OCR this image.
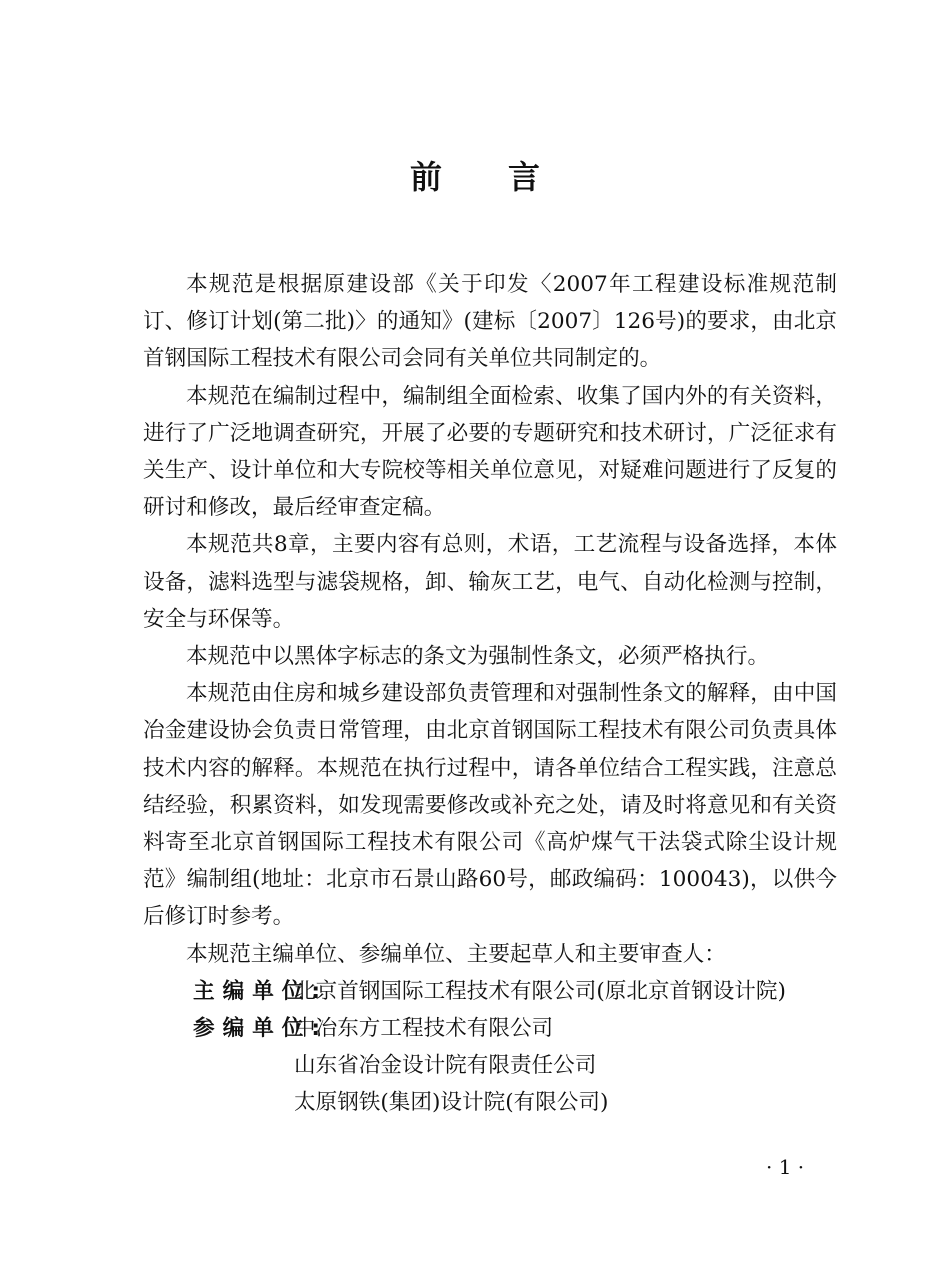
前 言

本规范是根据原建设部《关于印发〈2007年工程建设标准规范制订、修订计划(第二批)〉的通知》(建标〔2007〕126号)的要求，由北京首钢国际工程技术有限公司会同有关单位共同制定的。

本规范在编制过程中，编制组全面检索、收集了国内外的有关资料，进行了广泛地调查研究，开展了必要的专题研究和技术研讨，广泛征求有关生产、设计单位和大专院校等相关单位意见，对疑难问题进行了反复的研讨和修改，最后经审查定稿。

本规范共8章，主要内容有总则，术语，工艺流程与设备选择，本体设备，滤料选型与滤袋规格，卸、输灰工艺，电气、自动化检测与控制，安全与环保等。

本规范中以黑体字标志的条文为强制性条文，必须严格执行。

本规范由住房和城乡建设部负责管理和对强制性条文的解释，由中国冶金建设协会负责日常管理，由北京首钢国际工程技术有限公司负责具体技术内容的解释。本规范在执行过程中，请各单位结合工程实践，注意总结经验，积累资料，如发现需要修改或补充之处，请及时将意见和有关资料寄至北京首钢国际工程技术有限公司《高炉煤气干法袋式除尘设计规范》编制组(地址：北京市石景山路60号，邮政编码：100043)，以供今后修订时参考。

本规范主编单位、参编单位、主要起草人和主要审查人：

主编单位:
北京首钢国际工程技术有限公司(原北京首钢设计院)
参编单位:
中冶东方工程技术有限公司
山东省冶金设计院有限责任公司
太原钢铁(集团)设计院(有限公司)
· 1 ·
